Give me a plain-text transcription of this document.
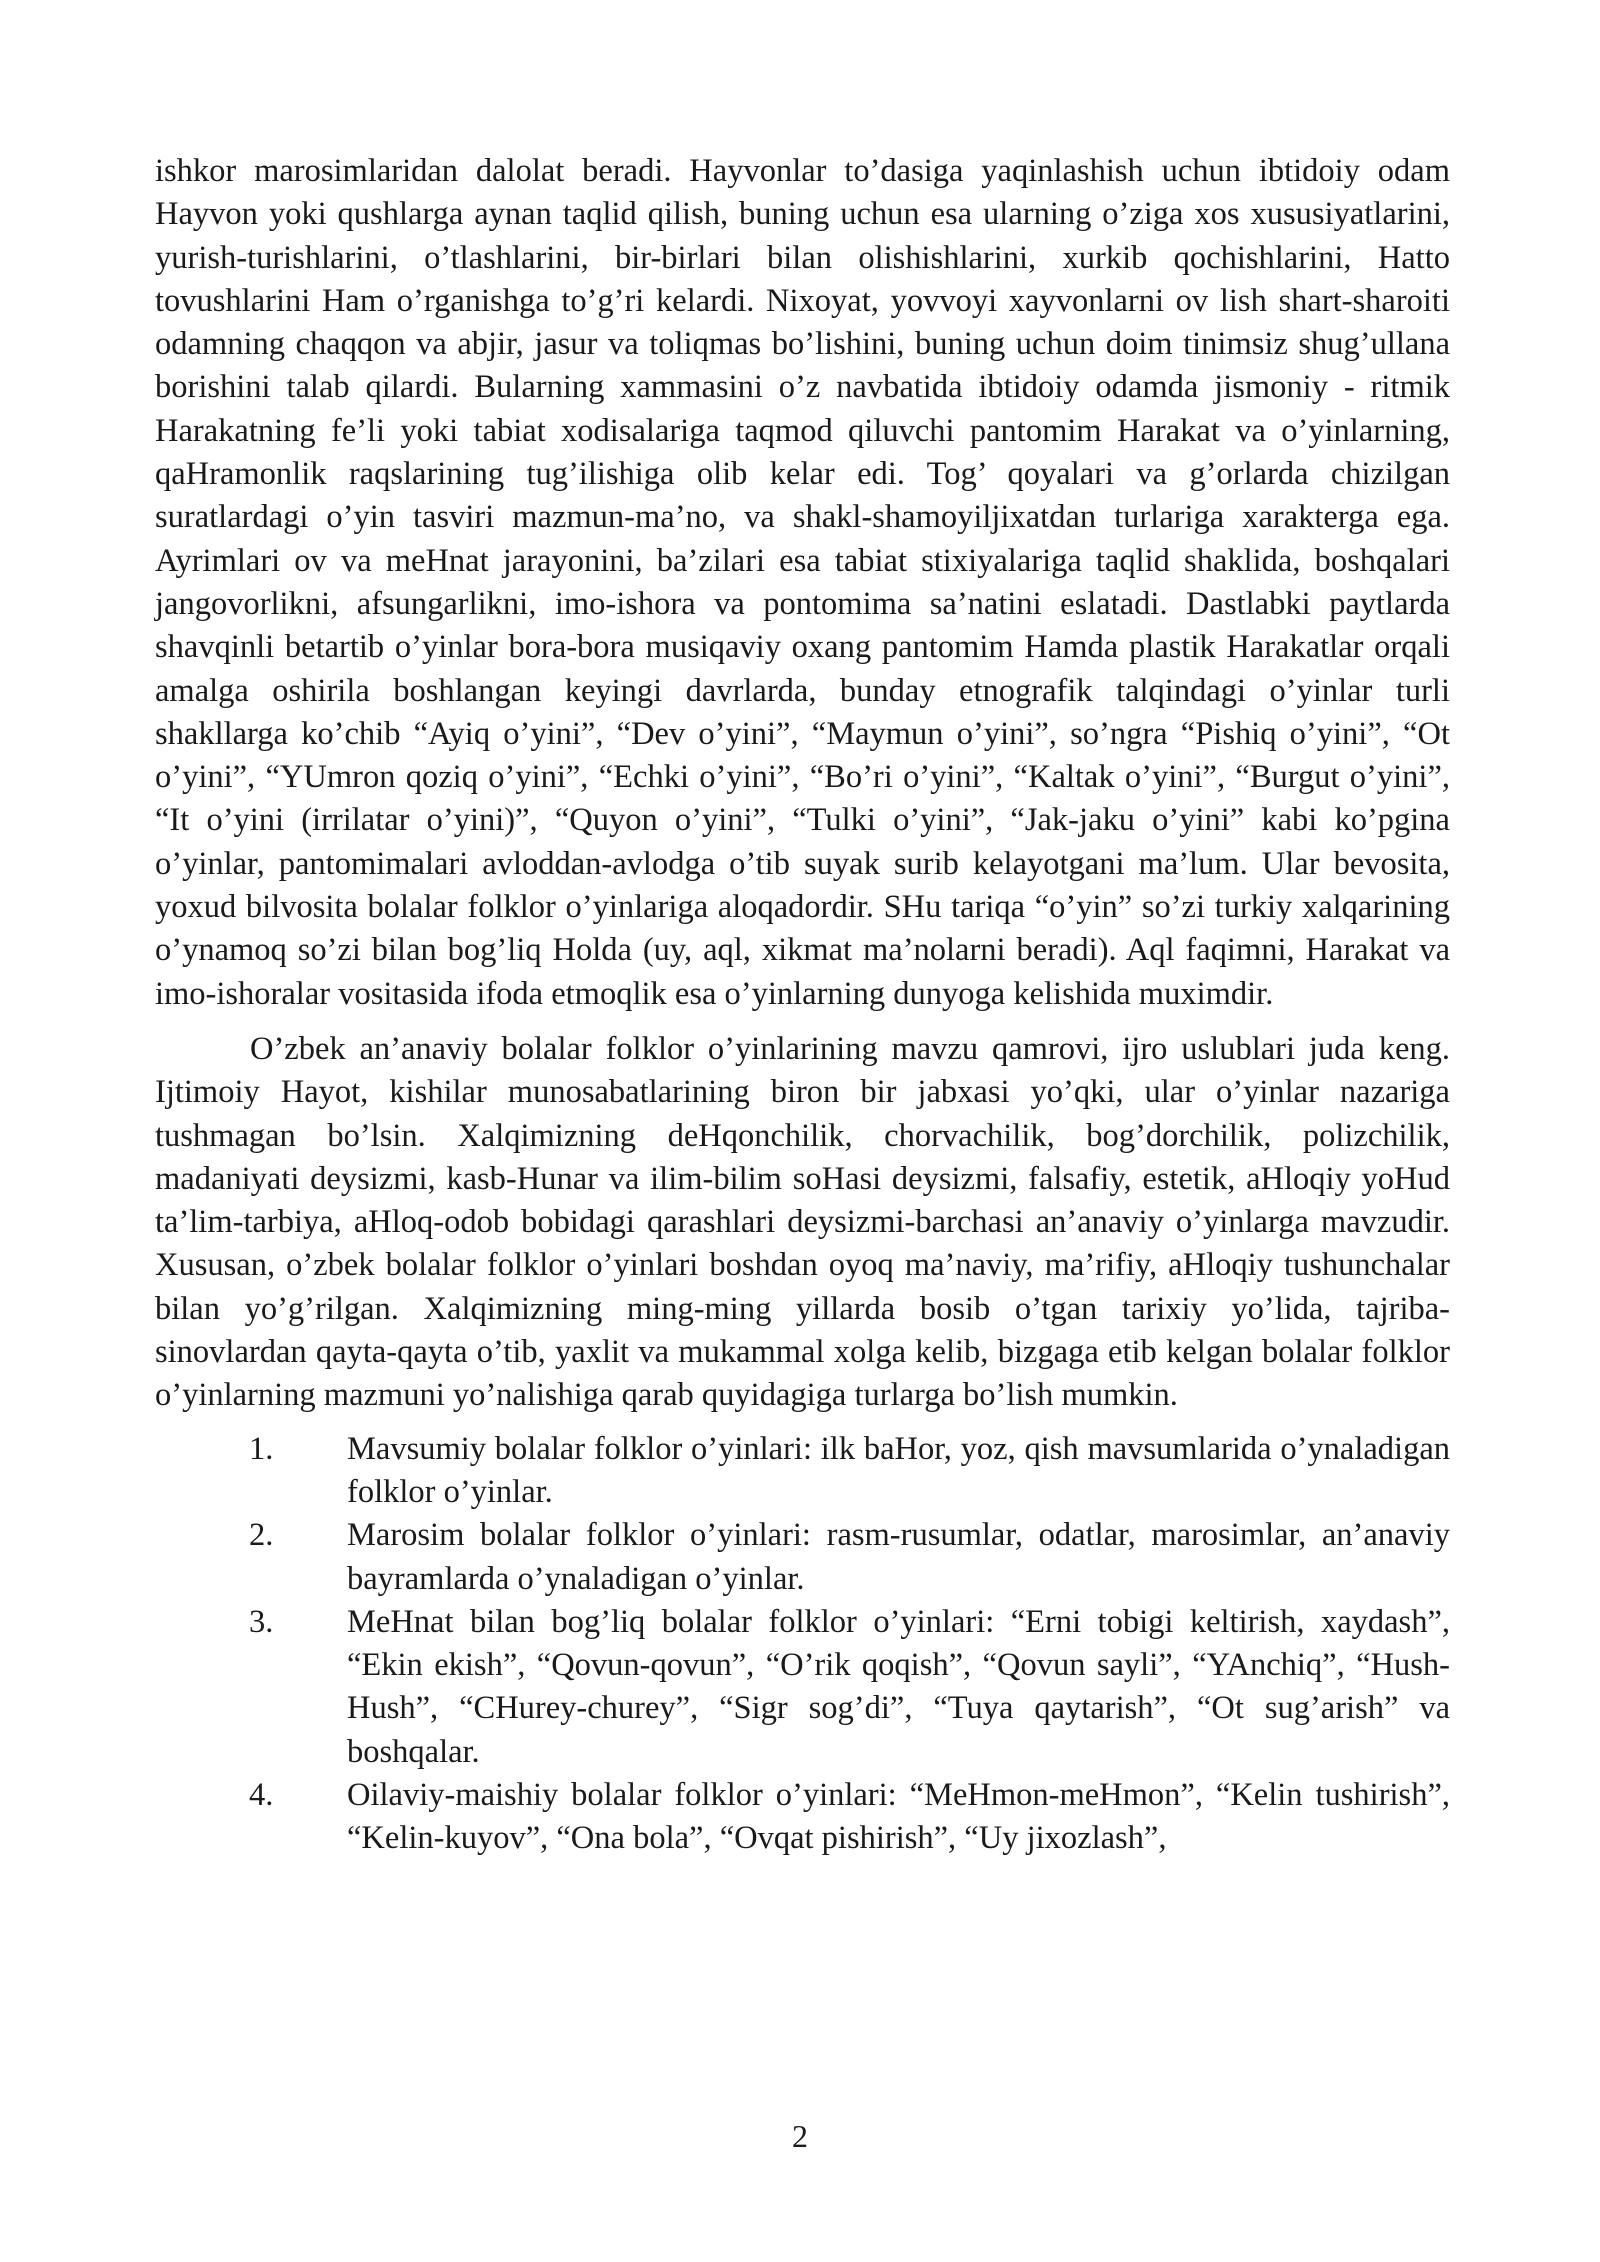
ishkor marosimlaridan dalolat beradi. Hayvonlar to’dasiga yaqinlashish uchun ibtidoiy odam Hayvon yoki qushlarga aynan taqlid qilish, buning uchun esa ularning o’ziga xos xususiyatlarini, yurish-turishlarini, o’tlashlarini, bir-birlari bilan olishishlarini, xurkib qochishlarini, Hatto tovushlarini Ham o’rganishga to’g’ri kelardi. Nixoyat, yovvoyi xayvonlarni ov lish shart-sharoiti odamning chaqqon va abjir, jasur va toliqmas bo’lishini, buning uchun doim tinimsiz shug’ullana borishini talab qilardi. Bularning xammasini o’z navbatida ibtidoiy odamda jismoniy - ritmik Harakatning fe’li yoki tabiat xodisalariga taqmod qiluvchi pantomim Harakat va o’yinlarning, qaHramonlik raqslarining tug’ilishiga olib kelar edi. Tog’ qoyalari va g’orlarda chizilgan suratlardagi o’yin tasviri mazmun-ma’no, va shakl-shamoyiljixatdan turlariga xarakterga ega. Ayrimlari ov va meHnat jarayonini, ba’zilari esa tabiat stixiyalariga taqlid shaklida, boshqalari jangovorlikni, afsungarlikni, imo-ishora va pontomima sa’natini eslatadi. Dastlabki paytlarda shavqinli betartib o’yinlar bora-bora musiqaviy oxang pantomim Hamda plastik Harakatlar orqali amalga oshirila boshlangan keyingi davrlarda, bunday etnografik talqindagi o’yinlar turli shakllarga ko’chib “Ayiq o’yini”, “Dev o’yini”, “Maymun o’yini”, so’ngra “Pishiq o’yini”, “Ot o’yini”, “YUmron qoziq o’yini”, “Echki o’yini”, “Bo’ri o’yini”, “Kaltak o’yini”, “Burgut o’yini”, “It o’yini (irrilatar o’yini)”, “Quyon o’yini”, “Tulki o’yini”, “Jak-jaku o’yini” kabi ko’pgina o’yinlar, pantomimalari avloddan-avlodga o’tib suyak surib kelayotgani ma’lum. Ular bevosita, yoxud bilvosita bolalar folklor o’yinlariga aloqadordir. SHu tariqa “o’yin” so’zi turkiy xalqarining o’ynamoq so’zi bilan bog’liq Holda (uy, aql, xikmat ma’nolarni beradi). Aql faqimni, Harakat va imo-ishoralar vositasida ifoda etmoqlik esa o’yinlarning dunyoga kelishida muximdir.

O’zbek an’anaviy bolalar folklor o’yinlarining mavzu qamrovi, ijro uslublari juda keng. Ijtimoiy Hayot, kishilar munosabatlarining biron bir jabxasi yo’qki, ular o’yinlar nazariga tushmagan bo’lsin. Xalqimizning deHqonchilik, chorvachilik, bog’dorchilik, polizchilik, madaniyati deysizmi, kasb-Hunar va ilim-bilim soHasi deysizmi, falsafiy, estetik, aHloqiy yoHud ta’lim-tarbiya, aHloq-odob bobidagi qarashlari deysizmi-barchasi an’anaviy o’yinlarga mavzudir. Xususan, o’zbek bolalar folklor o’yinlari boshdan oyoq ma’naviy, ma’rifiy, aHloqiy tushunchalar bilan yo’g’rilgan. Xalqimizning ming-ming yillarda bosib o’tgan tarixiy yo’lida, tajriba-sinovlardan qayta-qayta o’tib, yaxlit va mukammal xolga kelib, bizgaga etib kelgan bolalar folklor o’yinlarning mazmuni yo’nalishiga qarab quyidagiga turlarga bo’lish mumkin.

1. Mavsumiy bolalar folklor o’yinlari: ilk baHor, yoz, qish mavsumlarida o’ynaladigan folklor o’yinlar.
2. Marosim bolalar folklor o’yinlari: rasm-rusumlar, odatlar, marosimlar, an’anaviy bayramlarda o’ynaladigan o’yinlar.
3. MeHnat bilan bog’liq bolalar folklor o’yinlari: “Erni tobigi keltirish, xaydash”, “Ekin ekish”, “Qovun-qovun”, “O’rik qoqish”, “Qovun sayli”, “YAnchiq”, “Hush-Hush”, “CHurey-churey”, “Sigr sog’di”, “Tuya qaytarish”, “Ot sug’arish” va boshqalar.
4. Oilaviy-maishiy bolalar folklor o’yinlari: “MeHmon-meHmon”, “Kelin tushirish”, “Kelin-kuyov”, “Ona bola”, “Ovqat pishirish”, “Uy jixozlash”,
2
